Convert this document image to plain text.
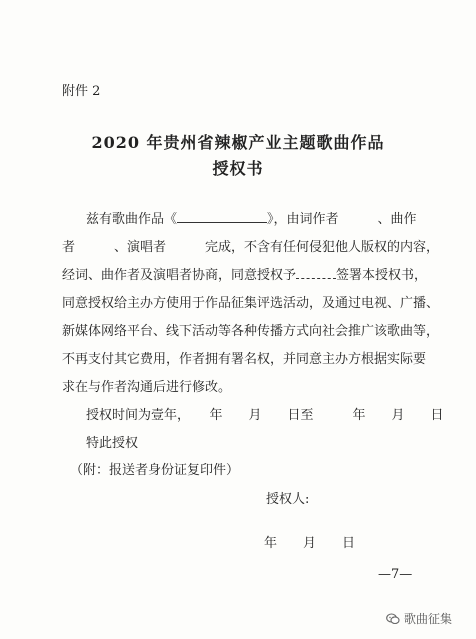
附件 2
2020 年贵州省辣椒产业主题歌曲作品
授权书
兹有歌曲作品《	》，由词作者　　　、曲作
者　　　、演唱者　　　完成，不含有任何侵犯他人版权的内容，
经词、曲作者及演唱者协商，同意授权予	签署本授权书，
同意授权给主办方使用于作品征集评选活动，及通过电视、广播、
新媒体网络平台、线下活动等各种传播方式向社会推广该歌曲等，
不再支付其它费用，作者拥有署名权，并同意主办方根据实际要
求在与作者沟通后进行修改。
授权时间为壹年，　　年　　月　　日至　　　年　　月　　日
特此授权
（附：报送者身份证复印件）
授权人:
年　　月　　日
—7—
歌曲征集
